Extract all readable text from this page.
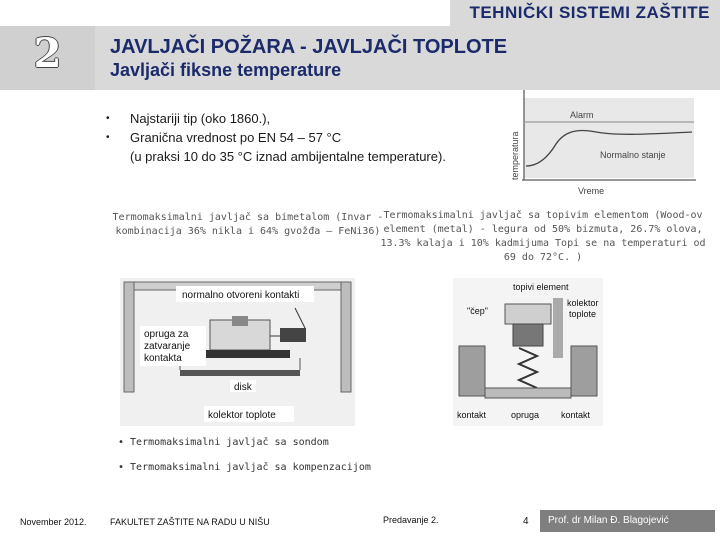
TEHNIČKI SISTEMI ZAŠTITE
2	JAVLJAČI POŽARA - JAVLJAČI TOPLOTE
Javljači fiksne temperature
•	Najstariji tip (oko 1860.),
•	Granična vrednost po EN 54 – 57 °C
(u praksi 10 do 35 °C iznad ambijentalne temperature).
Alarm
Normalno stanje
temperatura
Vreme
Termomaksimalni javljač sa bimetalom (Invar - kombinacija 36% nikla i 64% gvožđa – FeNi36)
Termomaksimalni javljač sa topivim elementom (Wood-ov element (metal) - legura od 50% bizmuta, 26.7% olova, 13.3% kalaja i 10% kadmijuma Topi se na temperaturi od 69 do 72°C. )
normalno otvoreni kontakti
opruga za
zatvaranje
kontakta
disk
kolektor toplote
topivi element
"čep"
kolektor
toplote
kontakt	opruga kontakt
• Termomaksimalni javljač sa sondom
• Termomaksimalni javljač sa kompenzacijom
November 2012.	FAKULTET ZAŠTITE NA RADU U NIŠU	Predavanje 2.	4 Prof. dr Milan Đ. Blagojević
